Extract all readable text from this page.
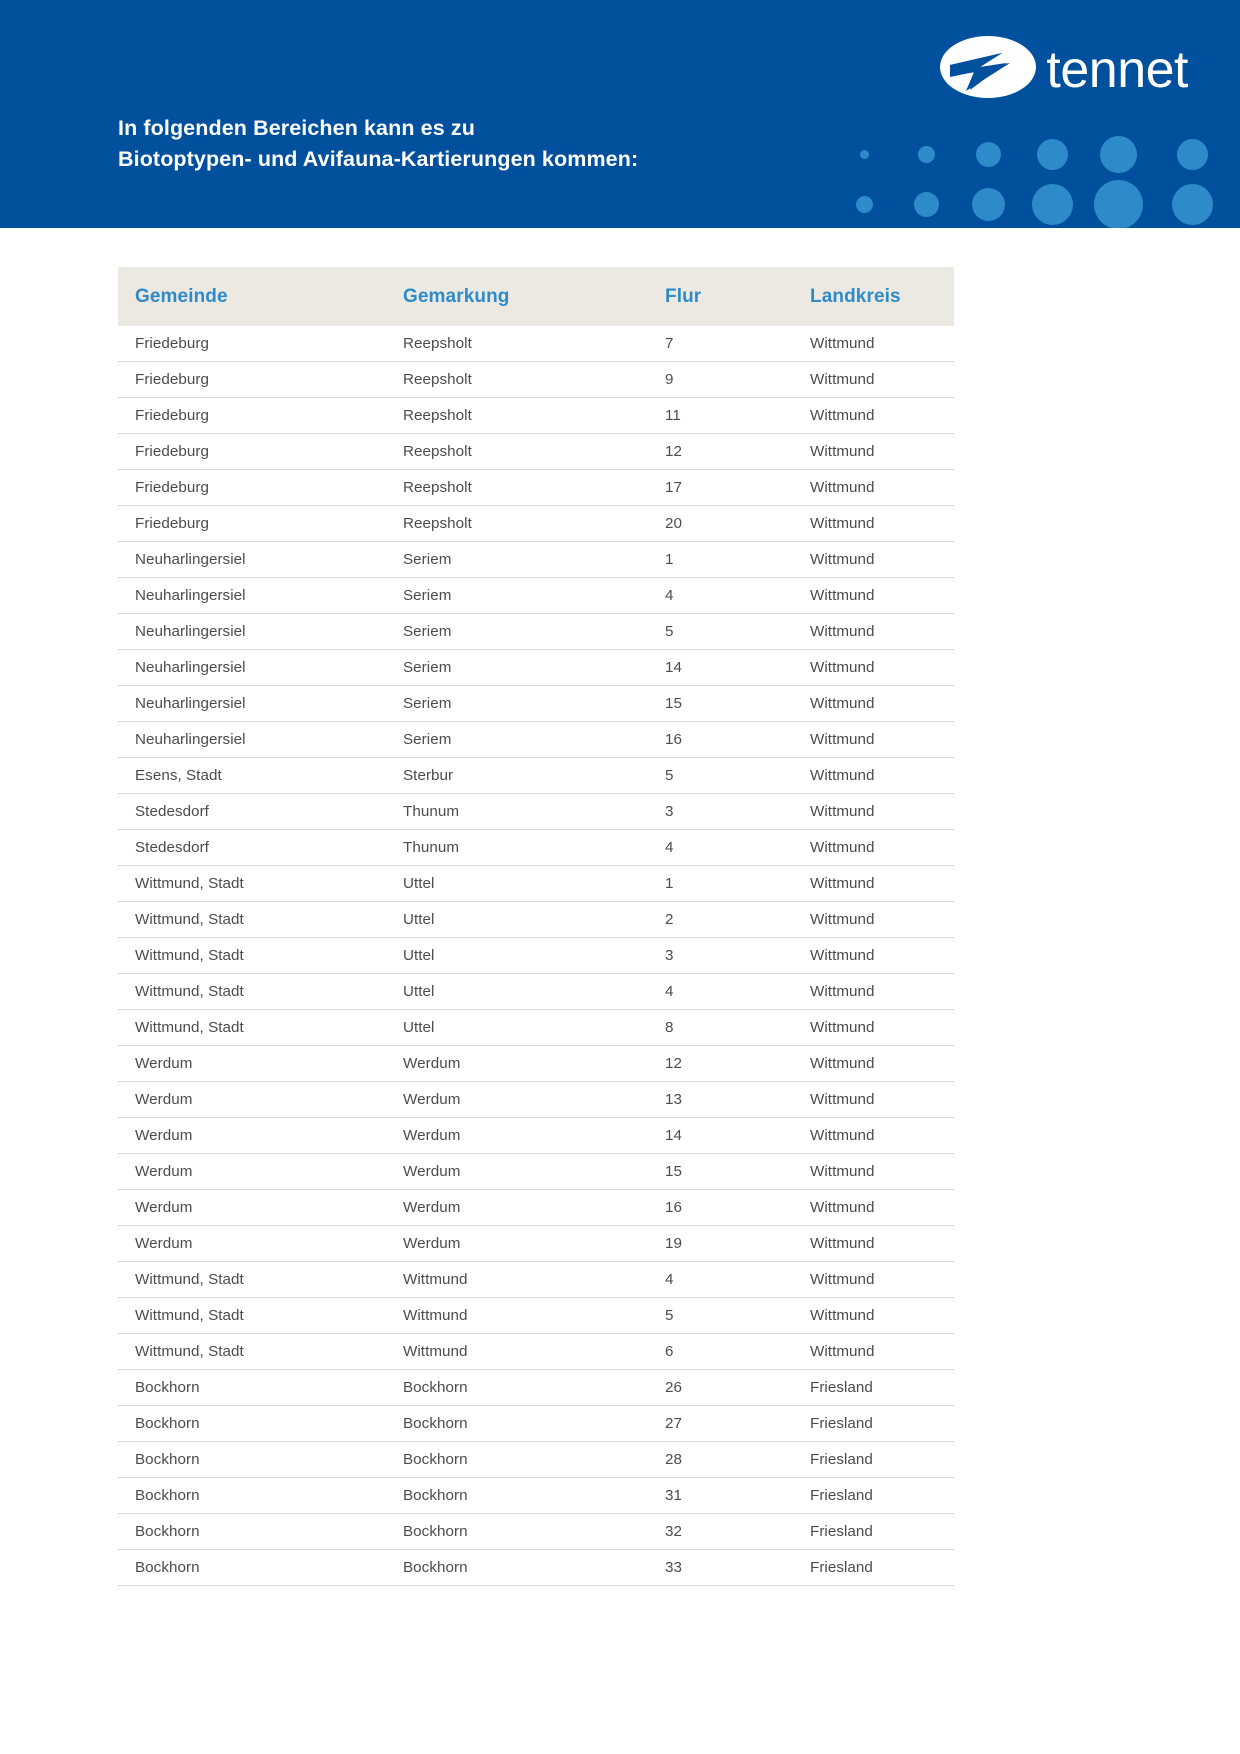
tennet
In folgenden Bereichen kann es zu
Biotoptypen- und Avifauna-Kartierungen kommen:
Gemeinde	Gemarkung	Flur	Landkreis
Friedeburg	Reepsholt	7	Wittmund
Friedeburg	Reepsholt	9	Wittmund
Friedeburg	Reepsholt	11	Wittmund
Friedeburg	Reepsholt	12	Wittmund
Friedeburg	Reepsholt	17	Wittmund
Friedeburg	Reepsholt	20	Wittmund
Neuharlingersiel	Seriem	1	Wittmund
Neuharlingersiel	Seriem	4	Wittmund
Neuharlingersiel	Seriem	5	Wittmund
Neuharlingersiel	Seriem	14	Wittmund
Neuharlingersiel	Seriem	15	Wittmund
Neuharlingersiel	Seriem	16	Wittmund
Esens, Stadt	Sterbur	5	Wittmund
Stedesdorf	Thunum	3	Wittmund
Stedesdorf	Thunum	4	Wittmund
Wittmund, Stadt	Uttel	1	Wittmund
Wittmund, Stadt	Uttel	2	Wittmund
Wittmund, Stadt	Uttel	3	Wittmund
Wittmund, Stadt	Uttel	4	Wittmund
Wittmund, Stadt	Uttel	8	Wittmund
Werdum	Werdum	12	Wittmund
Werdum	Werdum	13	Wittmund
Werdum	Werdum	14	Wittmund
Werdum	Werdum	15	Wittmund
Werdum	Werdum	16	Wittmund
Werdum	Werdum	19	Wittmund
Wittmund, Stadt	Wittmund	4	Wittmund
Wittmund, Stadt	Wittmund	5	Wittmund
Wittmund, Stadt	Wittmund	6	Wittmund
Bockhorn	Bockhorn	26	Friesland
Bockhorn	Bockhorn	27	Friesland
Bockhorn	Bockhorn	28	Friesland
Bockhorn	Bockhorn	31	Friesland
Bockhorn	Bockhorn	32	Friesland
Bockhorn	Bockhorn	33	Friesland
